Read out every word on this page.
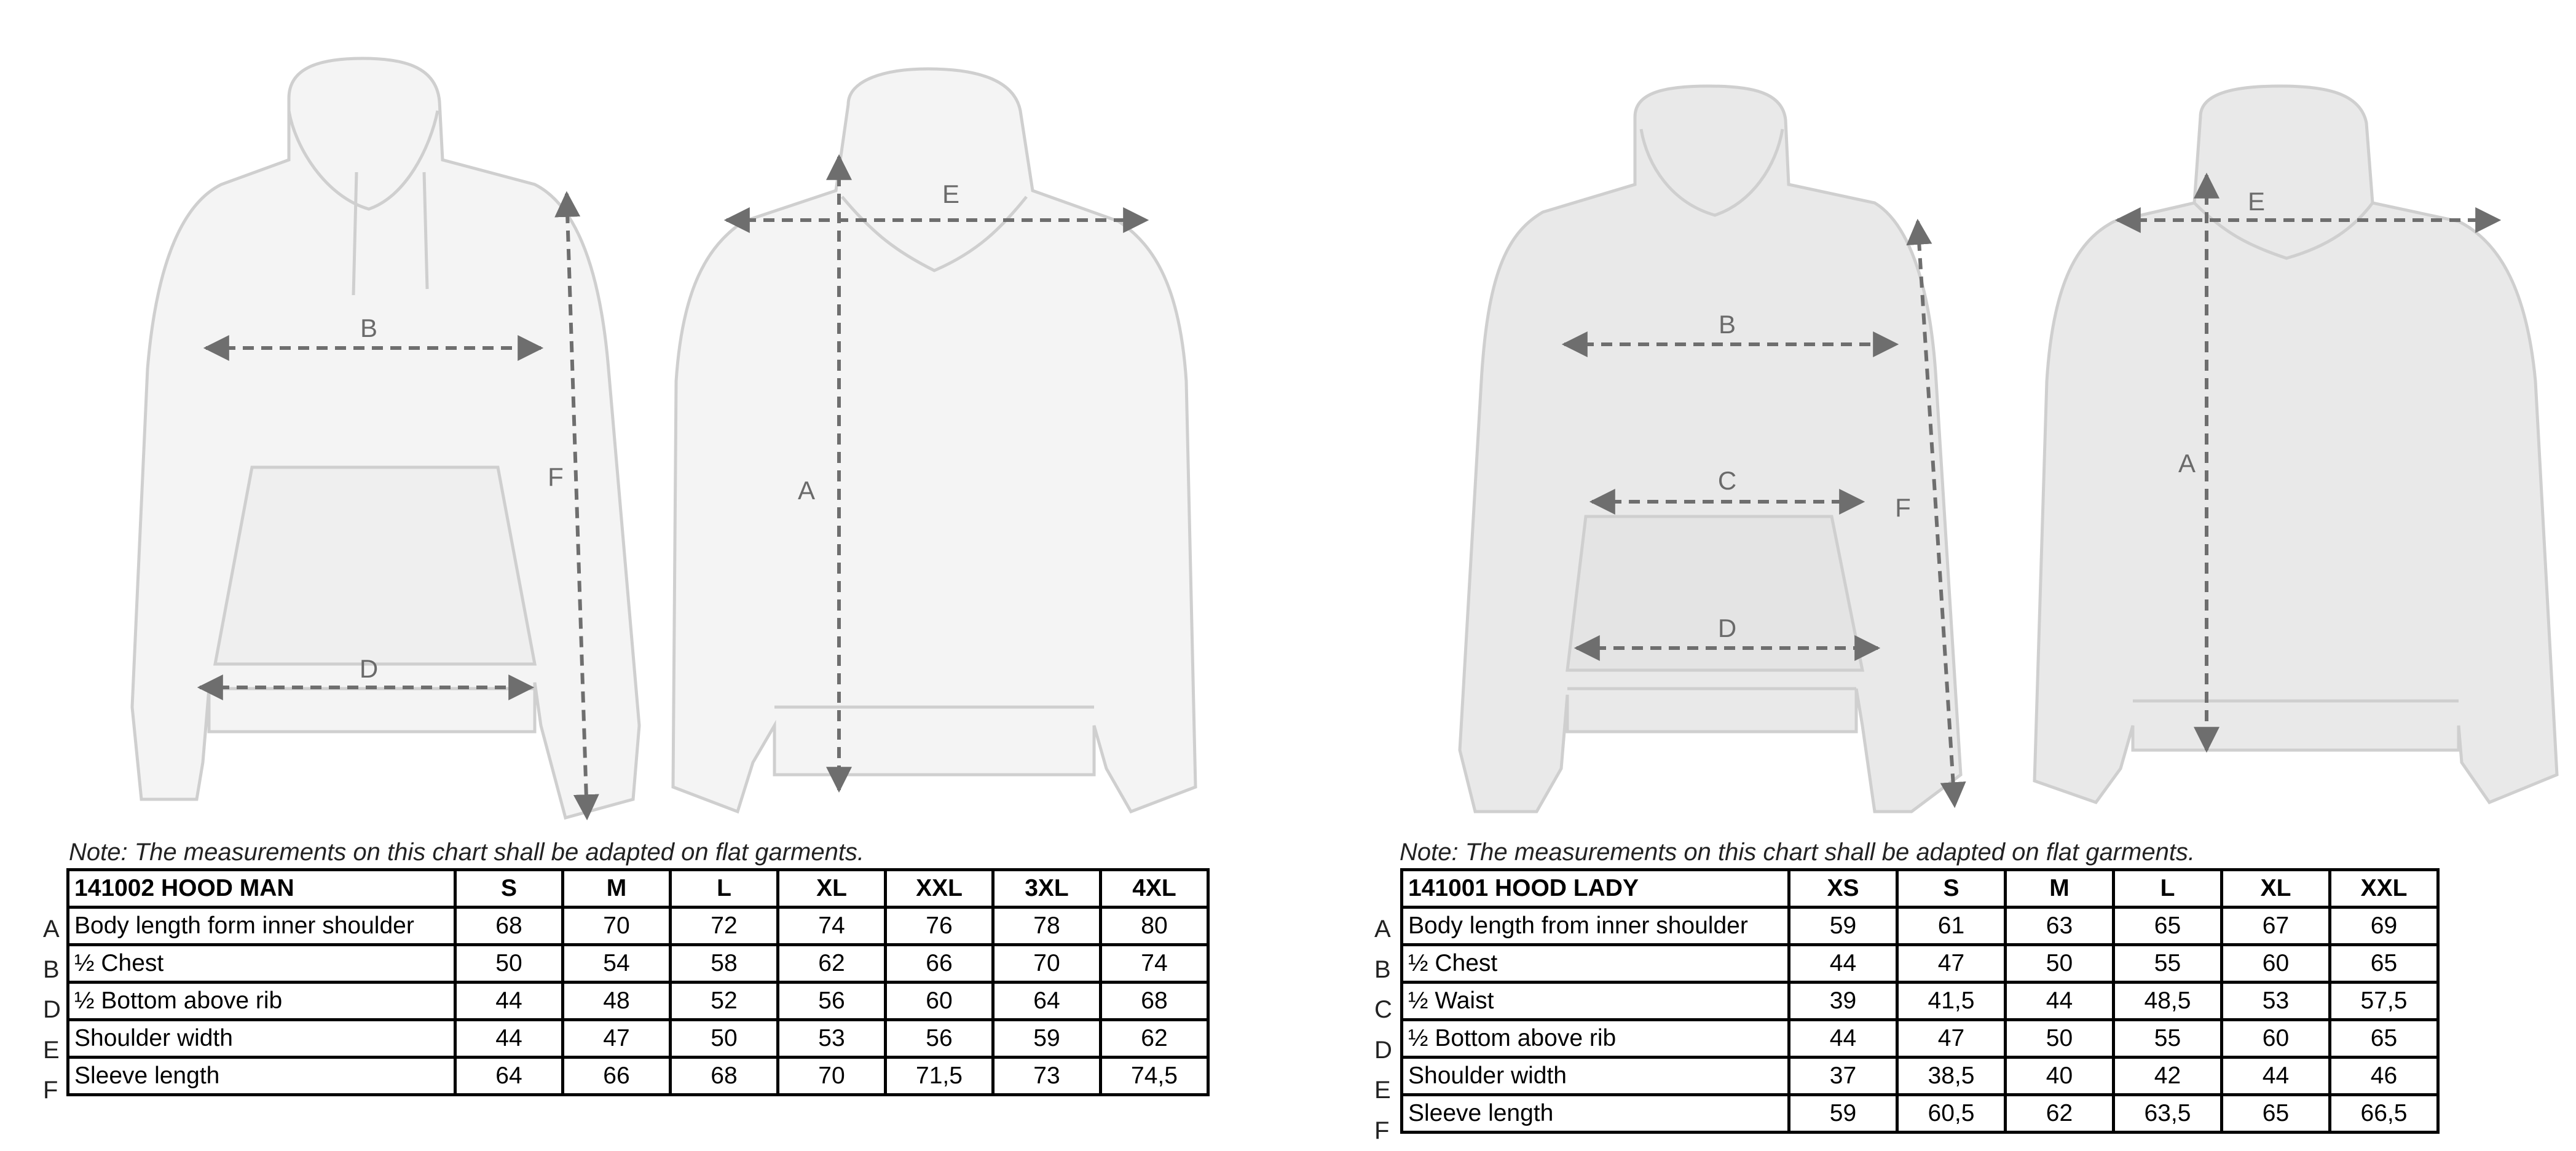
B
D
F
E
A
B
C
D
F
E
A
Note: The measurements on this chart shall be adapted on flat garments.
A
B
D
E
F
141002 HOOD MAN	S	M	L	XL	XXL	3XL	4XL
Body length form inner shoulder	68	70	72	74	76	78	80
½ Chest	50	54	58	62	66	70	74
½ Bottom above rib	44	48	52	56	60	64	68
Shoulder width	44	47	50	53	56	59	62
Sleeve length	64	66	68	70	71,5	73	74,5
Note: The measurements on this chart shall be adapted on flat garments.
A
B
C
D
E
F
141001 HOOD LADY	XS	S	M	L	XL	XXL
Body length from inner shoulder	59	61	63	65	67	69
½ Chest	44	47	50	55	60	65
½ Waist	39	41,5	44	48,5	53	57,5
½ Bottom above rib	44	47	50	55	60	65
Shoulder width	37	38,5	40	42	44	46
Sleeve length	59	60,5	62	63,5	65	66,5
